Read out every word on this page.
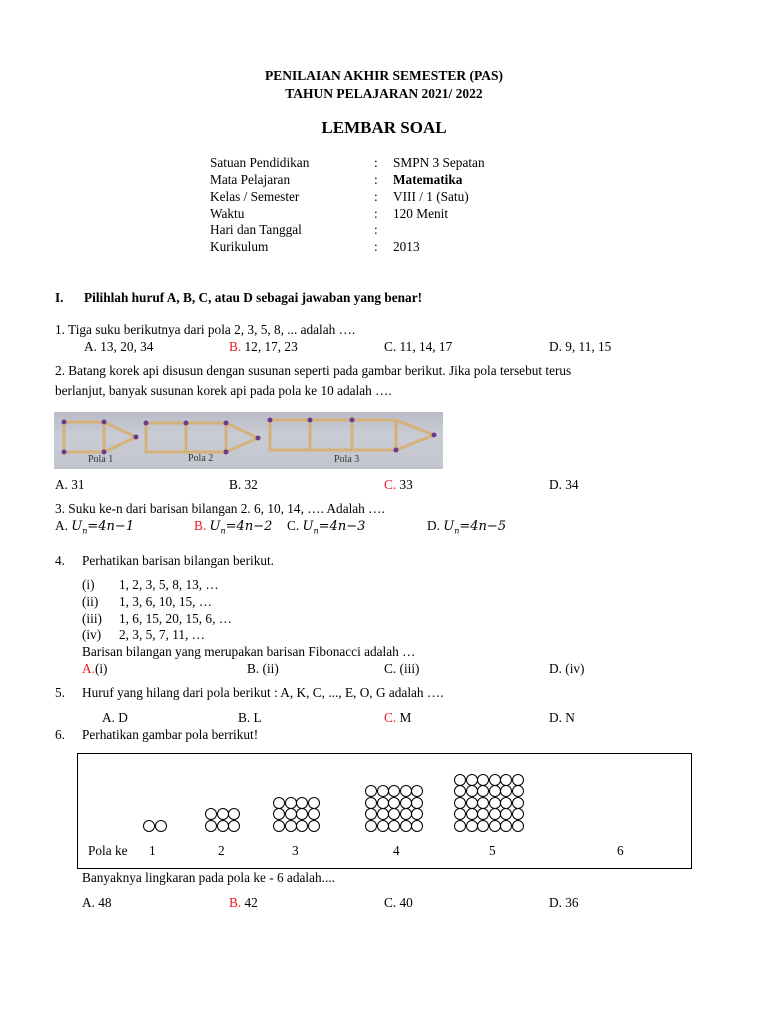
PENILAIAN AKHIR SEMESTER (PAS)
TAHUN PELAJARAN 2021/ 2022
LEMBAR SOAL
Satuan Pendidikan	: SMPN 3 Sepatan
Mata Pelajaran	: Matematika
Kelas / Semester	: VIII / 1 (Satu)
Waktu	: 120 Menit
Hari dan Tanggal	:
Kurikulum	: 2013
I. Pilihlah huruf A, B, C, atau D sebagai jawaban yang benar!
1. Tiga suku berikutnya dari pola 2, 3, 5, 8, ... adalah ….
A. 13, 20, 34	B. 12, 17, 23	C. 11, 14, 17	D. 9, 11, 15
2. Batang korek api disusun dengan susunan seperti pada gambar berikut. Jika pola tersebut terus
berlanjut, banyak susunan korek api pada pola ke 10 adalah ….
Pola 1	Pola 2	Pola 3
A. 31	B. 32	C. 33	D. 34
3. Suku ke-n dari barisan bilangan 2. 6, 10, 14, …. Adalah ….
A. $U_n=4n-1$	B. $U_n=4n-2$ C. $U_n=4n-3$	D. $U_n=4n-5$
4. Perhatikan barisan bilangan berikut.
(i) 1, 2, 3, 5, 8, 13, …
(ii) 1, 3, 6, 10, 15, …
(iii) 1, 6, 15, 20, 15, 6, …
(iv) 2, 3, 5, 7, 11, …
Barisan bilangan yang merupakan barisan Fibonacci adalah …
A.(i)	B. (ii)	C. (iii)	D. (iv)
5. Huruf yang hilang dari pola berikut : A, K, C, ..., E, O, G adalah ….
A. D	B. L	C. M	D. N
6. Perhatikan gambar pola berrikut!
Pola ke 1	2	3	4	5	6
Banyaknya lingkaran pada pola ke - 6 adalah....
A. 48	B. 42	C. 40	D. 36
